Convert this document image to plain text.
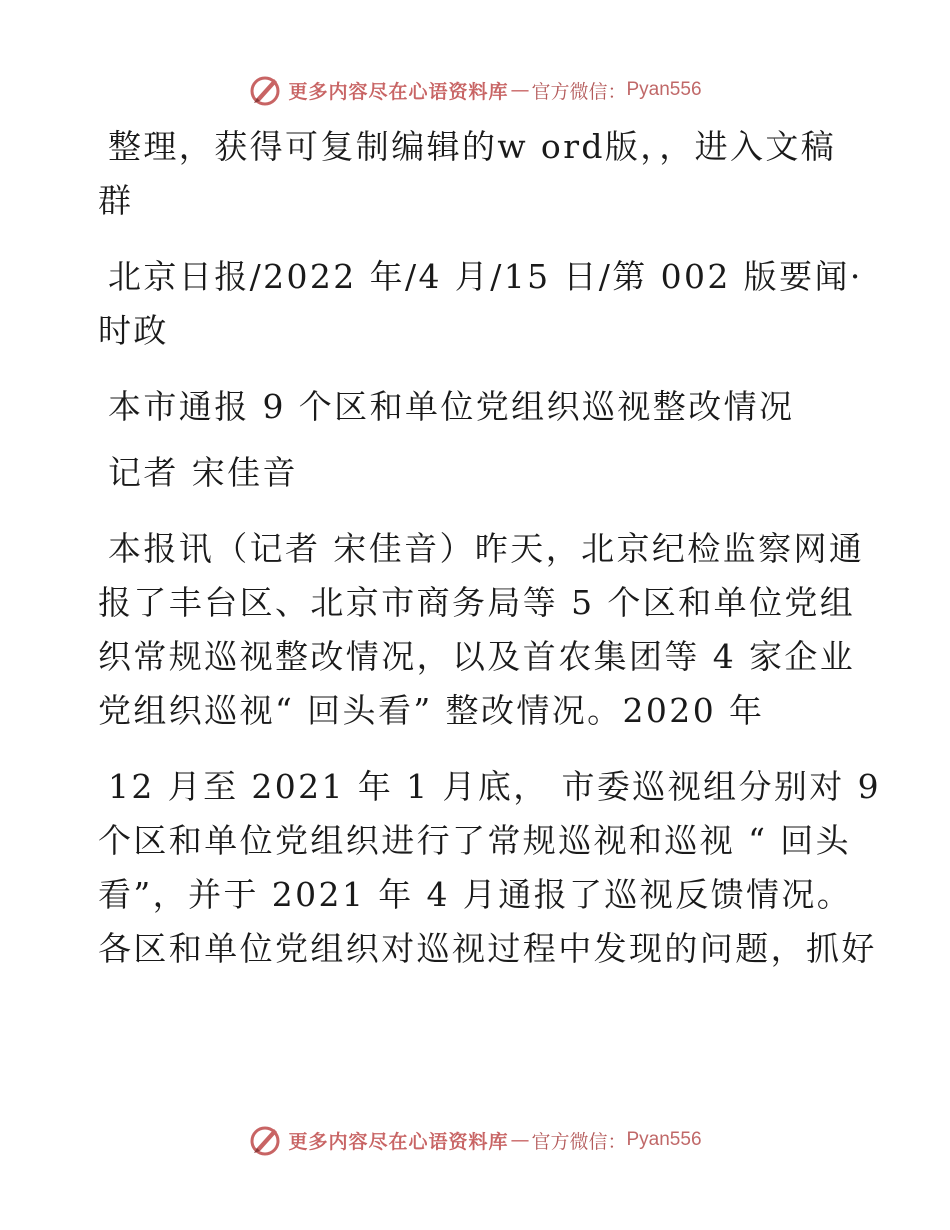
更多内容尽在心语资料库 — 官方微信： Pyan556
整理，获得可复制编辑的w ord版，，进入文稿
群
北京日报/2022 年/4 月/15 日/第 002 版要闻·
时政
本市通报 9 个区和单位党组织巡视整改情况
记者 宋佳音
本报讯（记者 宋佳音）昨天，北京纪检监察网通
报了丰台区、北京市商务局等 5 个区和单位党组
织常规巡视整改情况，以及首农集团等 4 家企业
党组织巡视“ 回头看” 整改情况。2020 年
12 月至 2021 年 1 月底， 市委巡视组分别对 9
个区和单位党组织进行了常规巡视和巡视 “ 回头
看”，并于 2021 年 4 月通报了巡视反馈情况。
各区和单位党组织对巡视过程中发现的问题，抓好
更多内容尽在心语资料库 — 官方微信： Pyan556
